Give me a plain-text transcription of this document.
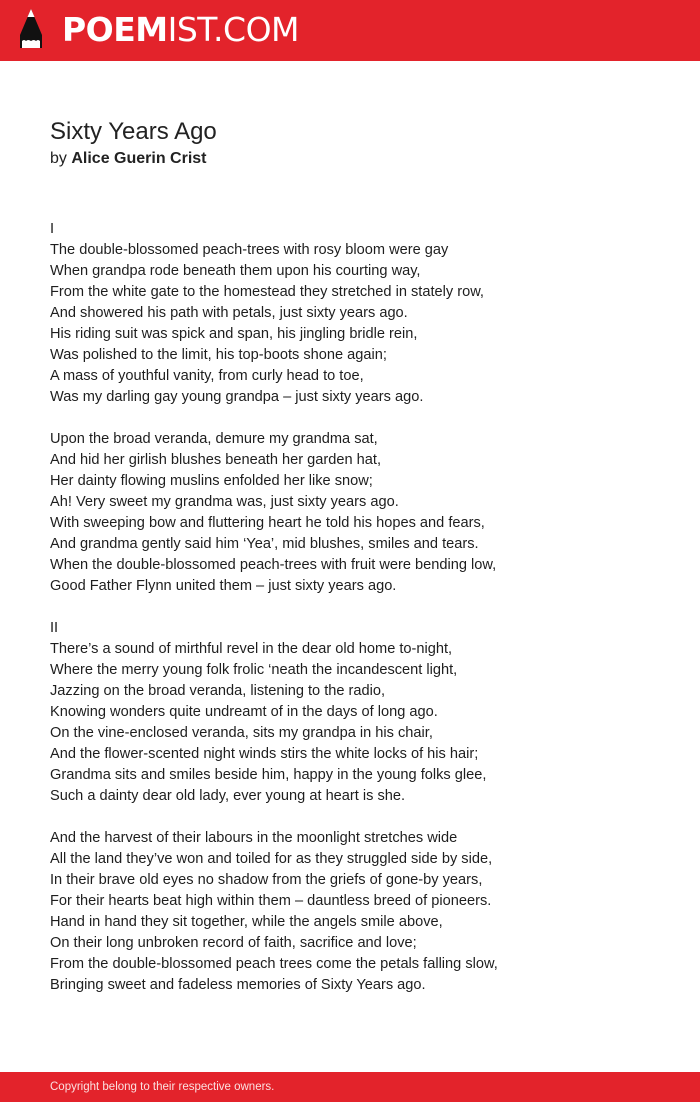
POEMIST.COM
Sixty Years Ago
by Alice Guerin Crist
I
The double-blossomed peach-trees with rosy bloom were gay
When grandpa rode beneath them upon his courting way,
From the white gate to the homestead they stretched in stately row,
And showered his path with petals, just sixty years ago.
His riding suit was spick and span, his jingling bridle rein,
Was polished to the limit, his top-boots shone again;
A mass of youthful vanity, from curly head to toe,
Was my darling gay young grandpa – just sixty years ago.
Upon the broad veranda, demure my grandma sat,
And hid her girlish blushes beneath her garden hat,
Her dainty flowing muslins enfolded her like snow;
Ah! Very sweet my grandma was, just sixty years ago.
With sweeping bow and fluttering heart he told his hopes and fears,
And grandma gently said him ‘Yea’, mid blushes, smiles and tears.
When the double-blossomed peach-trees with fruit were bending low,
Good Father Flynn united them – just sixty years ago.
II
There’s a sound of mirthful revel in the dear old home to-night,
Where the merry young folk frolic ‘neath the incandescent light,
Jazzing on the broad veranda, listening to the radio,
Knowing wonders quite undreamt of in the days of long ago.
On the vine-enclosed veranda, sits my grandpa in his chair,
And the flower-scented night winds stirs the white locks of his hair;
Grandma sits and smiles beside him, happy in the young folks glee,
Such a dainty dear old lady, ever young at heart is she.
And the harvest of their labours in the moonlight stretches wide
All the land they’ve won and toiled for as they struggled side by side,
In their brave old eyes no shadow from the griefs of gone-by years,
For their hearts beat high within them – dauntless breed of pioneers.
Hand in hand they sit together, while the angels smile above,
On their long unbroken record of faith, sacrifice and love;
From the double-blossomed peach trees come the petals falling slow,
Bringing sweet and fadeless memories of Sixty Years ago.
Copyright belong to their respective owners.
